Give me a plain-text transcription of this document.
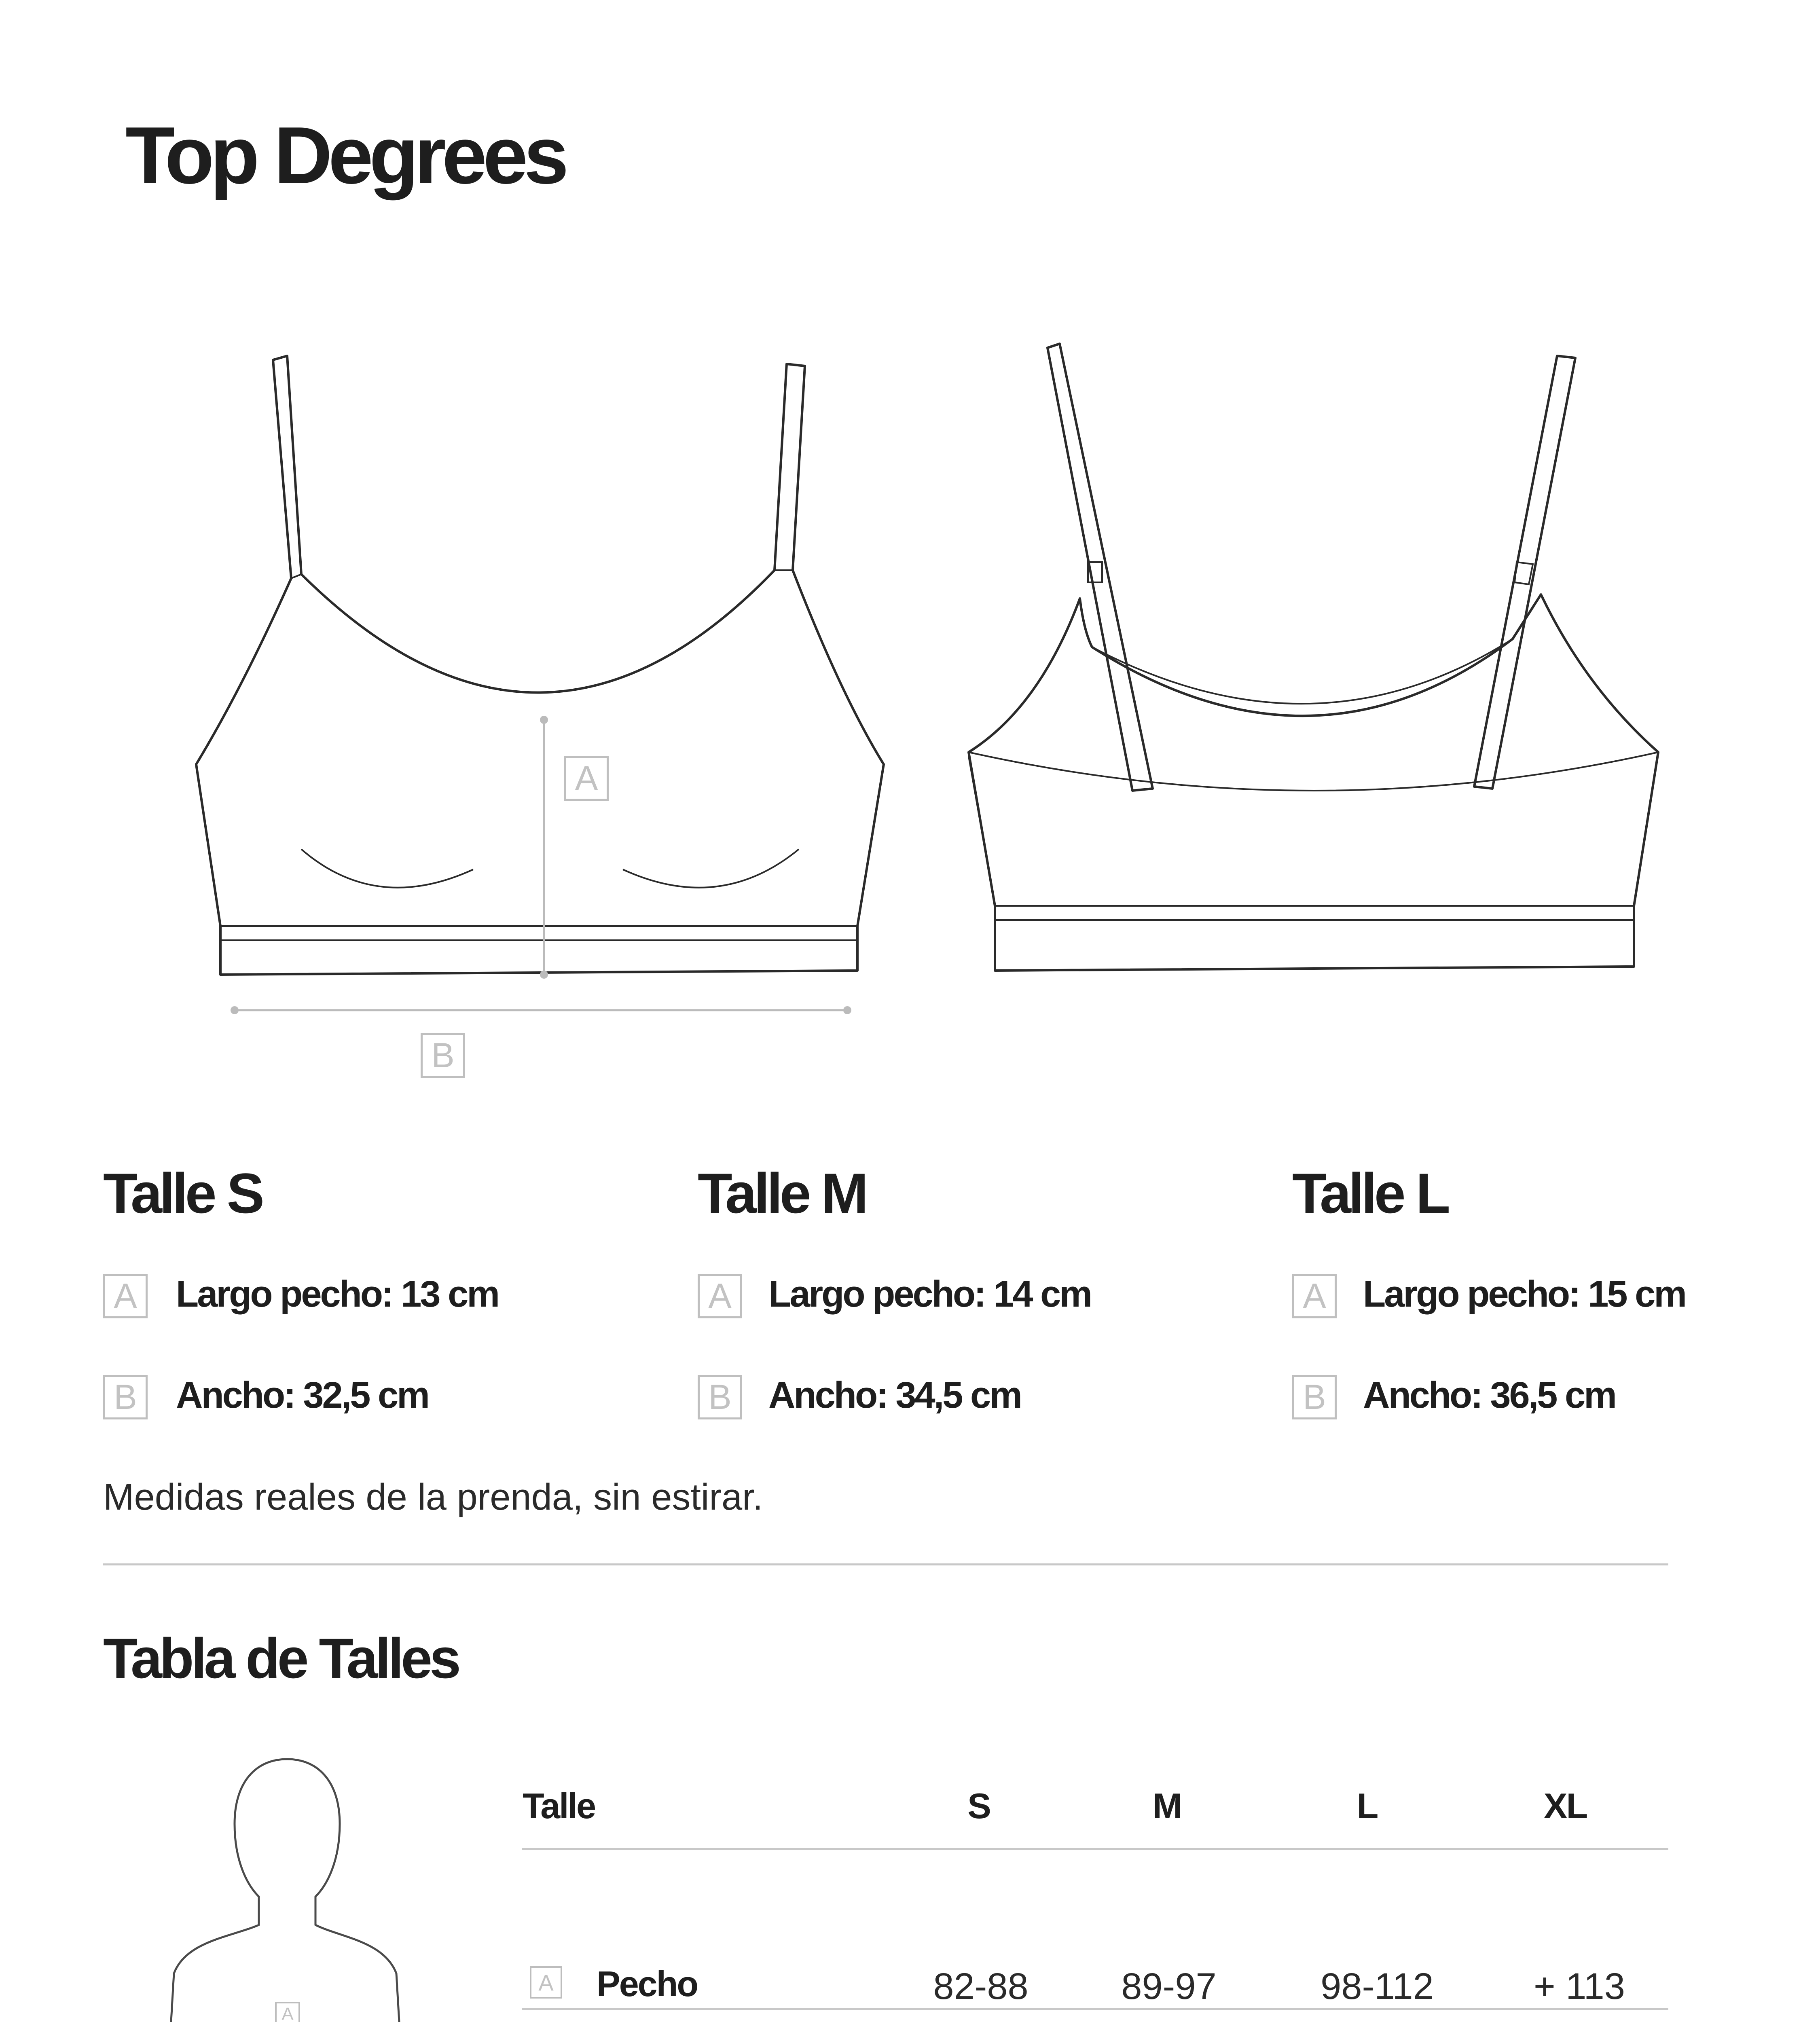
Top Degrees
A
B
Talle S
A Largo pecho: 13 cm
B Ancho: 32,5 cm
Talle M
A Largo pecho: 14 cm
B Ancho: 34,5 cm
Talle L
A Largo pecho: 15 cm
B Ancho: 36,5 cm
Medidas reales de la prenda, sin estirar.
Tabla de Talles
A
Talle	S	M	L	XL
A Pecho	82-88	89-97	98-112	+ 113
